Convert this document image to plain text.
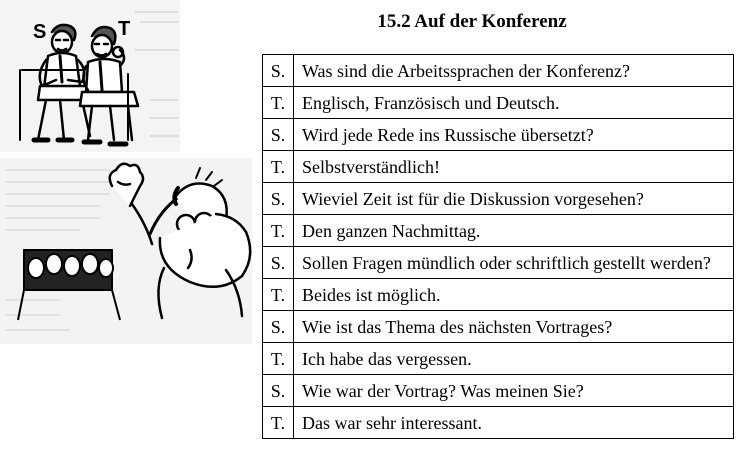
S	T	15.2 Auf der Konferenz
S.	Was sind die Arbeitssprachen der Konferenz?
T.	Englisch, Französisch und Deutsch.
S.	Wird jede Rede ins Russische übersetzt?
T.	Selbstverständlich!
S.	Wieviel Zeit ist für die Diskussion vorgesehen?
T.	Den ganzen Nachmittag.
S.	Sollen Fragen mündlich oder schriftlich gestellt werden?
T.	Beides ist möglich.
S.	Wie ist das Thema des nächsten Vortrages?
T.	Ich habe das vergessen.
S.	Wie war der Vortrag? Was meinen Sie?
T.	Das war sehr interessant.
